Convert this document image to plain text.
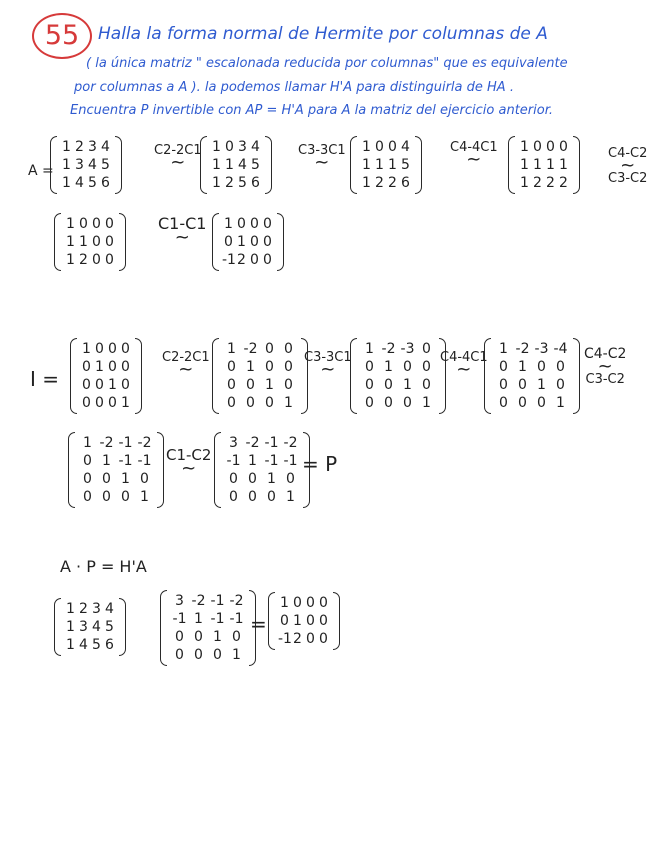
55	Halla la forma normal de Hermite por columnas de A
( la única matriz " escalonada reducida por columnas" que es equivalente
por columnas a A ). la podemos llamar H'A para distinguirla de HA .
Encuentra P invertible con AP = H'A para A la matriz del ejercicio anterior.
A =
1 2 3 4
1 3 4 5
1 4 5 6
C2-2C1
~
1 0 3 4
1 1 4 5
1 2 5 6
C3-3C1
~
1 0 0 4
1 1 1 5
1 2 2 6
C4-4C1
~
1 0 0 0
1 1 1 1
1 2 2 2
C4-C2
~
C3-C2
1 0 0 0
1 1 0 0
1 2 0 0
C1-C1
~
1 0 0 0
0 1 0 0
-1 2 0 0
I =
1 0 0 0
0 1 0 0
0 0 1 0
0 0 0 1
C2-2C1
~
1 -2 0 0
0 1 0 0
0 0 1 0
0 0 0 1
C3-3C1
~
1 -2 -3 0
0 1 0 0
0 0 1 0
0 0 0 1
C4-4C1
~
1 -2 -3 -4
0 1 0 0
0 0 1 0
0 0 0 1
C4-C2
~
C3-C2
1 -2 -1 -2
0 1 -1 -1
0 0 1 0
0 0 0 1
C1-C2
~
3 -2 -1 -2
-1 1 -1 -1
0 0 1 0
0 0 0 1
= P
A · P = H'A
1 2 3 4
1 3 4 5
1 4 5 6
3 -2 -1 -2
-1 1 -1 -1
0 0 1 0
0 0 0 1
=
1 0 0 0
0 1 0 0
-1 2 0 0
